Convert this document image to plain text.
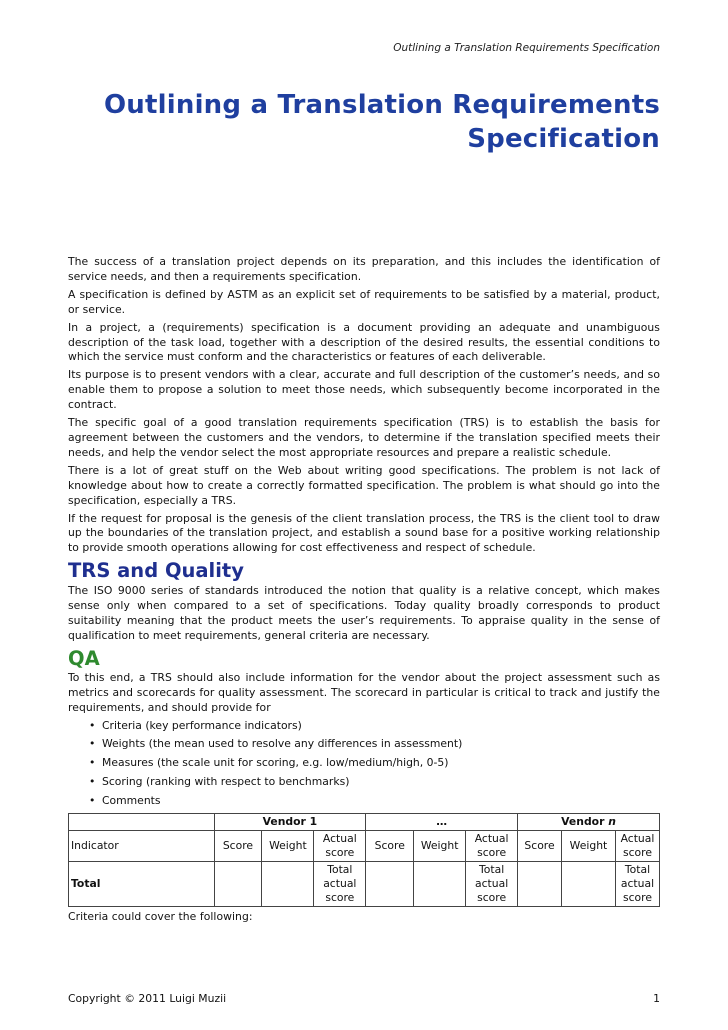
Outlining a Translation Requirements Specification
Outlining a Translation Requirements
Specification

The success of a translation project depends on its preparation, and this includes the identification of service needs, and then a requirements specification.

A specification is defined by ASTM as an explicit set of requirements to be satisfied by a material, product, or service.

In a project, a (requirements) specification is a document providing an adequate and unambiguous description of the task load, together with a description of the desired results, the essential conditions to which the service must conform and the characteristics or features of each deliverable.

Its purpose is to present vendors with a clear, accurate and full description of the customer’s needs, and so enable them to propose a solution to meet those needs, which subsequently become incorporated in the contract.

The specific goal of a good translation requirements specification (TRS) is to establish the basis for agreement between the customers and the vendors, to determine if the translation specified meets their needs, and help the vendor select the most appropriate resources and prepare a realistic schedule.

There is a lot of great stuff on the Web about writing good specifications. The problem is not lack of knowledge about how to create a correctly formatted specification. The problem is what should go into the specification, especially a TRS.

If the request for proposal is the genesis of the client translation process, the TRS is the client tool to draw up the boundaries of the translation project, and establish a sound base for a positive working relationship to provide smooth operations allowing for cost effectiveness and respect of schedule.

TRS and Quality

The ISO 9000 series of standards introduced the notion that quality is a relative concept, which makes sense only when compared to a set of specifications. Today quality broadly corresponds to product suitability meaning that the product meets the user’s requirements. To appraise quality in the sense of qualification to meet requirements, general criteria are necessary.

QA

To this end, a TRS should also include information for the vendor about the project assessment such as metrics and scorecards for quality assessment. The scorecard in particular is critical to track and justify the requirements, and should provide for

• Criteria (key performance indicators)
• Weights (the mean used to resolve any differences in assessment)
• Measures (the scale unit for scoring, e.g. low/medium/high, 0-5)
• Scoring (ranking with respect to benchmarks)
• Comments
	Vendor 1			…			Vendor n		
Indicator	Score	Weight	Actual score	Score	Weight	Actual score	Score	Weight	Actual score
Total			Total actual score			Total actual score			Total actual score

Criteria could cover the following:

Copyright © 2011 Luigi Muzii	1
